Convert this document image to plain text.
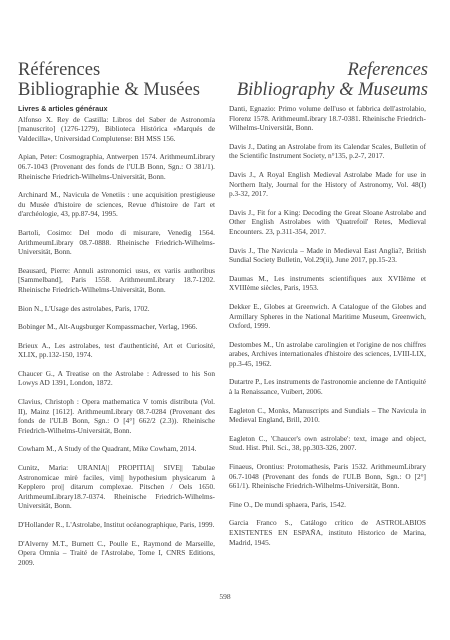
Références

Bibliographie & Musées

References

Bibliography & Museums

Livres & articles généraux

Alfonso X. Rey de Castilla: Libros del Saber de Astronomía [manuscrito] (1276-1279), Biblioteca Histórica «Marqués de Valdecilla», Universidad Complutense: BH MSS 156.

Apian, Peter: Cosmographia, Antwerpen 1574. ArithmeumLibrary 06.7-1043 (Provenant des fonds de l'ULB Bonn, Sgn.: O 381/1). Rheinische Friedrich-Wilhelms-Universität, Bonn.

Archinard M., Navicula de Venetiis : une acquisition prestigieuse du Musée d'histoire de sciences, Revue d'histoire de l'art et d'archéologie, 43, pp.87-94, 1995.

Bartoli, Cosimo: Del modo di misurare, Venedig 1564. ArithmeumLibrary 08.7-0888. Rheinische Friedrich-Wilhelms-Universität, Bonn.

Beausard, Pierre: Annuli astronomici usus, ex variis authoribus [Sammelband], Paris 1558. ArithmeumLibrary 18.7-1202. Rheinische Friedrich-Wilhelms-Universität, Bonn.

Bion N., L'Usage des astrolabes, Paris, 1702.

Bobinger M., Alt-Augsburger Kompassmacher, Verlag, 1966.

Brieux A., Les astrolabes, test d'authenticité, Art et Curiosité, XLIX, pp.132-150, 1974.

Chaucer G., A Treatise on the Astrolabe : Adressed to his Son Lowys AD 1391, London, 1872.

Clavius, Christoph : Opera mathematica V tomis distributa (Vol. II), Mainz [1612]. ArithmeumLibrary 08.7-0284 (Provenant des fonds de l'ULB Bonn, Sgn.: O [4°] 662/2 (2.3)). Rheinische Friedrich-Wilhelms-Universität, Bonn.

Cowham M., A Study of the Quadrant, Mike Cowham, 2014.

Cunitz, Maria: URANIA|| PROPITIA|| SIVE|| Tabulae Astronomicae mirè faciles, vim|| hypothesium physicarum à Kepplero pro|| ditarum complexae. Pitschen / Oels 1650. ArithmeumLibrary18.7-0374. Rheinische Friedrich-Wilhelms-Universität, Bonn.

D'Hollander R., L'Astrolabe, Institut océanographique, Paris, 1999.

D'Alverny M.T., Burnett C., Poulle E., Raymond de Marseille, Opera Omnia – Traité de l'Astrolabe, Tome I, CNRS Editions, 2009.

Danti, Egnazio: Primo volume dell'uso et fabbrica dell'astrolabio, Florenz 1578. ArithmeumLibrary 18.7-0381. Rheinische Friedrich-Wilhelms-Universität, Bonn.

Davis J., Dating an Astrolabe from its Calendar Scales, Bulletin of the Scientific Instrument Society, n°135, p.2-7, 2017.

Davis J., A Royal English Medieval Astrolabe Made for use in Northern Italy, Journal for the History of Astronomy, Vol. 48(I) p.3-32, 2017.

Davis J., Fit for a King: Decoding the Great Sloane Astrolabe and Other English Astrolabes with 'Quatrefoil' Retes, Medieval Encounters. 23, p.311-354, 2017.

Davis J., The Navicula – Made in Medieval East Anglia?, British Sundial Society Bulletin, Vol.29(ii), June 2017, pp.15-23.

Daumas M., Les instruments scientifiques aux XVIIème et XVIIIème siècles, Paris, 1953.

Dekker E., Globes at Greenwich. A Catalogue of the Globes and Armillary Spheres in the National Maritime Museum, Greenwich, Oxford, 1999.

Destombes M., Un astrolabe carolingien et l'origine de nos chiffres arabes, Archives internationales d'histoire des sciences, LVIII-LIX, pp.3-45, 1962.

Dutartre P., Les instruments de l'astronomie ancienne de l'Antiquité à la Renaissance, Vuibert, 2006.

Eagleton C., Monks, Manuscripts and Sundials – The Navicula in Medieval England, Brill, 2010.

Eagleton C., 'Chaucer's own astrolabe': text, image and object, Stud. Hist. Phil. Sci., 38, pp.303-326, 2007.

Finaeus, Orontius: Protomathesis, Paris 1532. ArithmeumLibrary 06.7-1048 (Provenant des fonds de l'ULB Bonn, Sgn.: O [2°] 661/1). Rheinische Friedrich-Wilhelms-Universität, Bonn.

Fine O., De mundi sphaera, Paris, 1542.

Garcia Franco S., Catálogo crítico de ASTROLABIOS EXISTENTES EN ESPAÑA, instituto Historico de Marina, Madrid, 1945.

598
